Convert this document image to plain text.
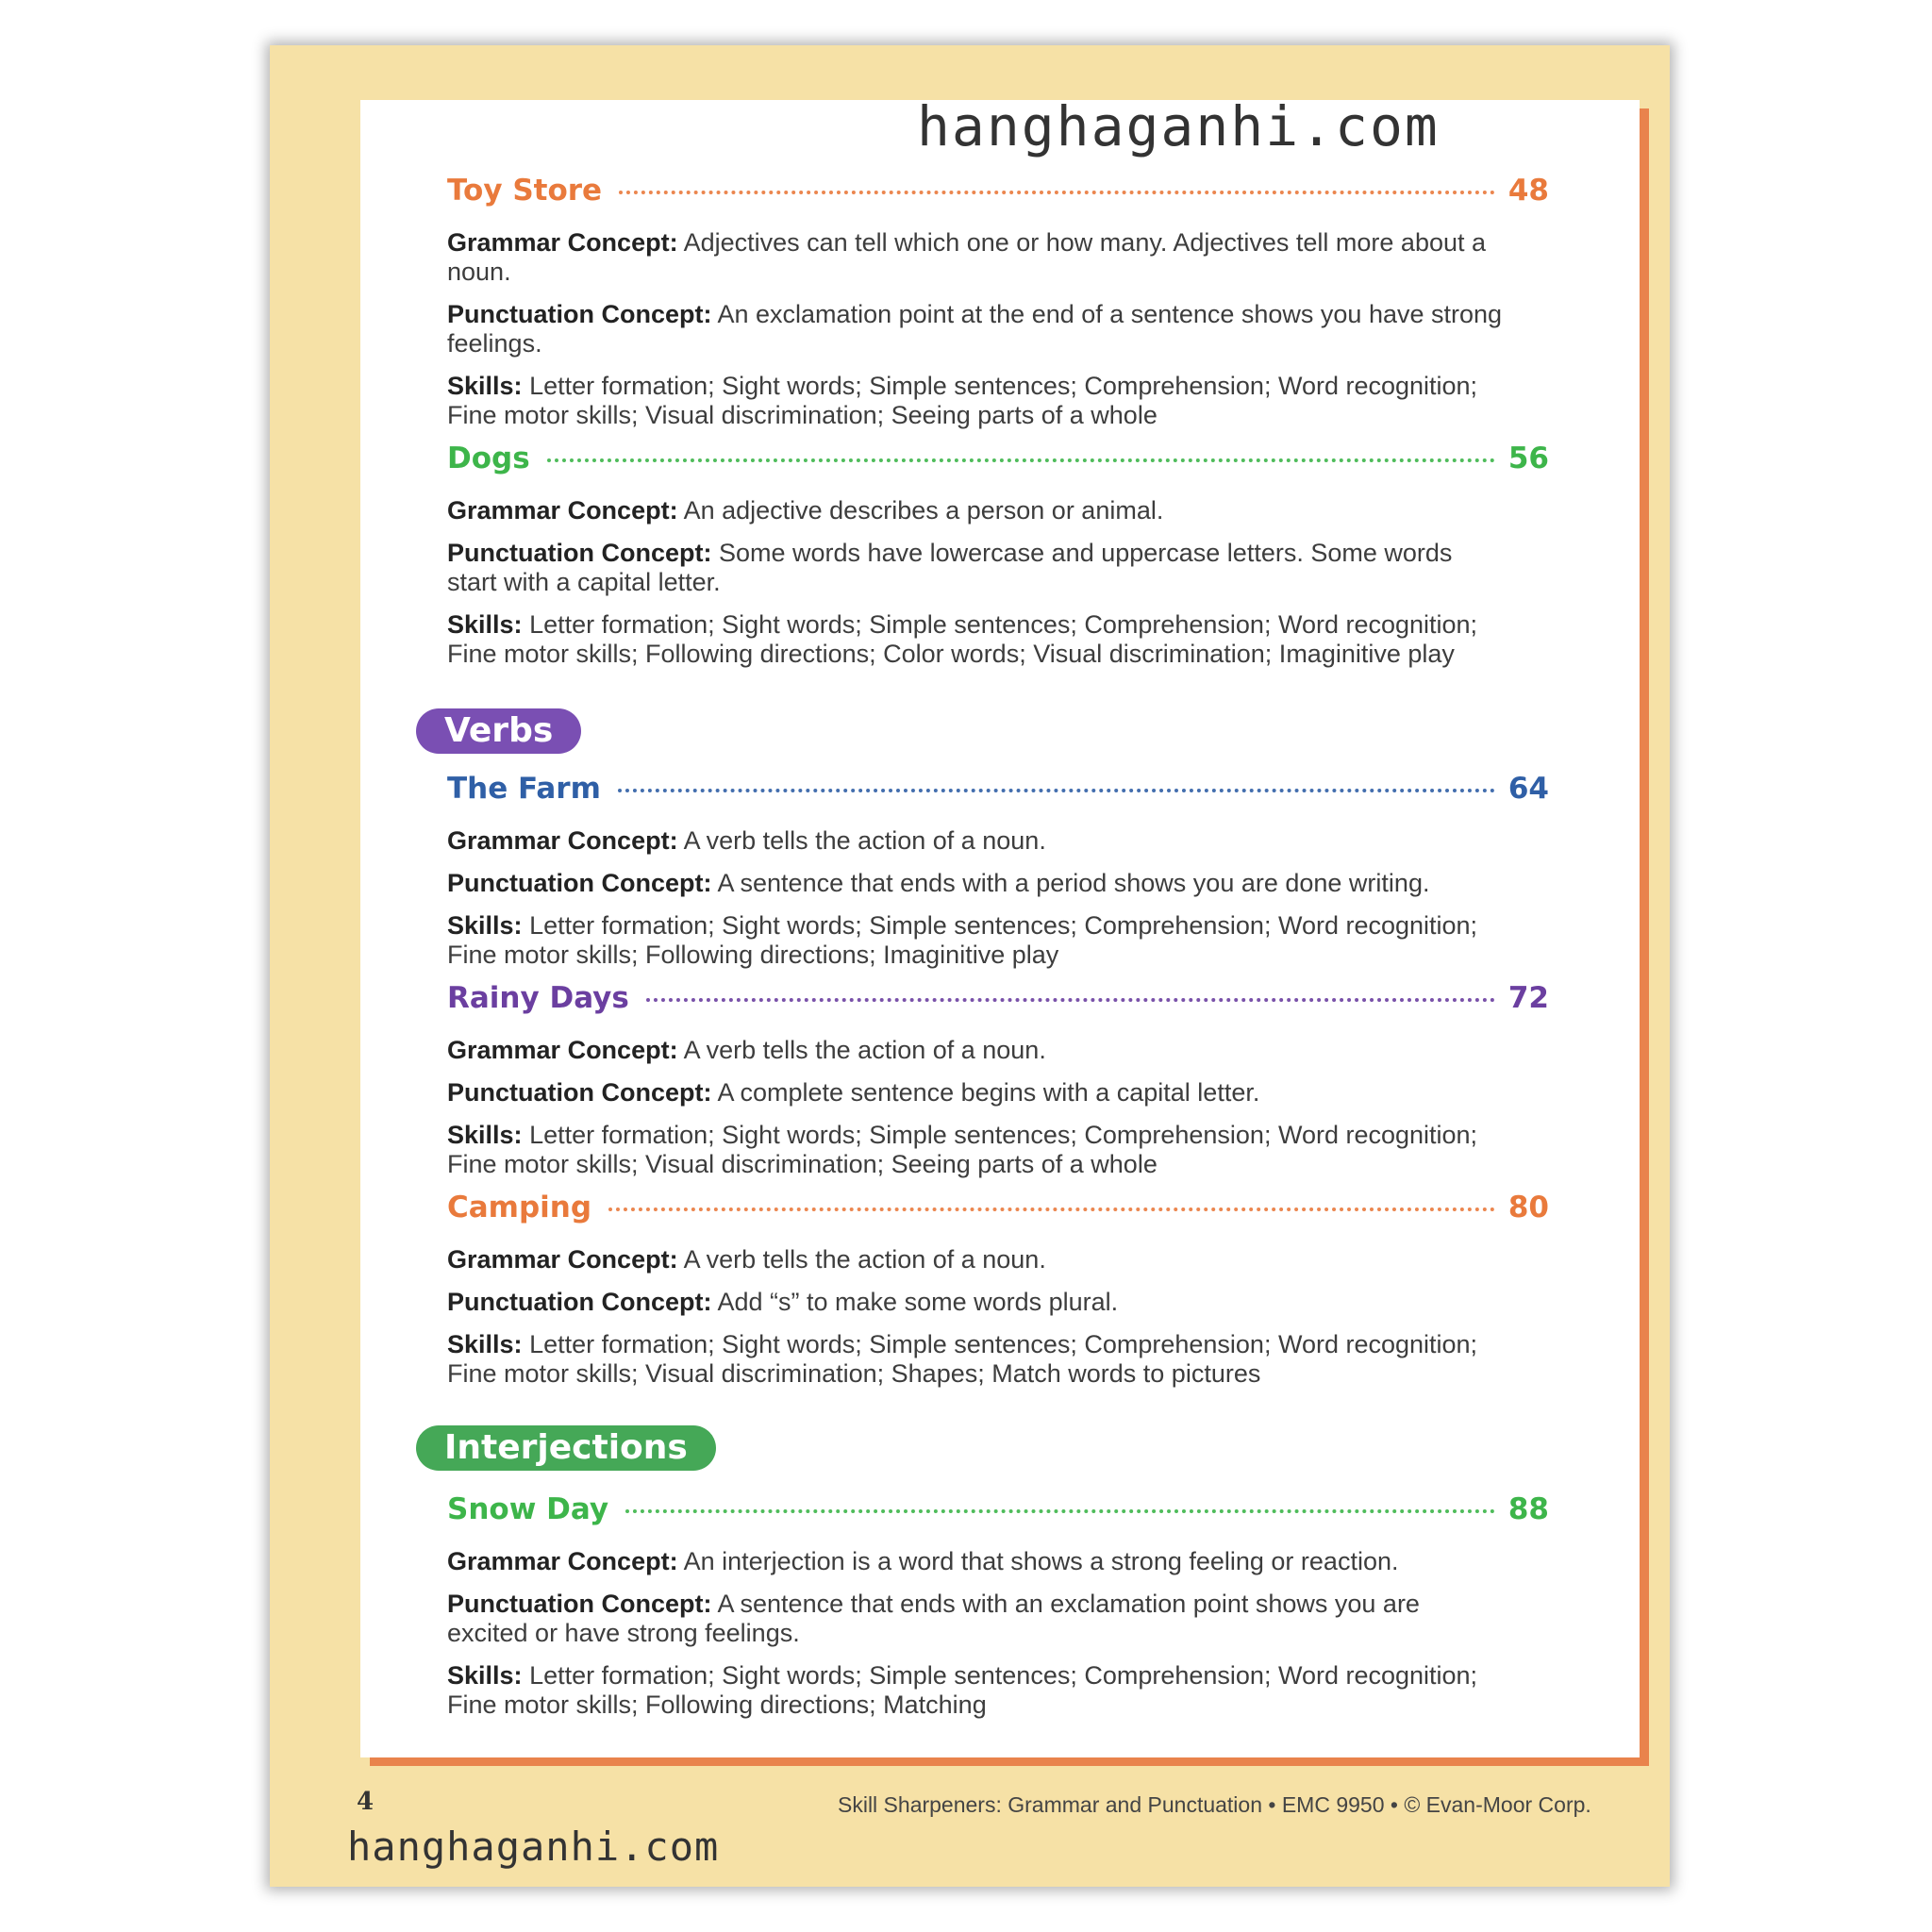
hanghaganhi.com
Toy Store	48

Grammar Concept: Adjectives can tell which one or how many. Adjectives tell more about a noun.

Punctuation Concept: An exclamation point at the end of a sentence shows you have strong feelings.

Skills: Letter formation; Sight words; Simple sentences; Comprehension; Word recognition; Fine motor skills; Visual discrimination; Seeing parts of a whole

Dogs	56

Grammar Concept: An adjective describes a person or animal.

Punctuation Concept: Some words have lowercase and uppercase letters. Some words start with a capital letter.

Skills: Letter formation; Sight words; Simple sentences; Comprehension; Word recognition; Fine motor skills; Following directions; Color words; Visual discrimination; Imaginitive play

Verbs
The Farm	64

Grammar Concept: A verb tells the action of a noun.

Punctuation Concept: A sentence that ends with a period shows you are done writing.

Skills: Letter formation; Sight words; Simple sentences; Comprehension; Word recognition; Fine motor skills; Following directions; Imaginitive play

Rainy Days	72

Grammar Concept: A verb tells the action of a noun.

Punctuation Concept: A complete sentence begins with a capital letter.

Skills: Letter formation; Sight words; Simple sentences; Comprehension; Word recognition; Fine motor skills; Visual discrimination; Seeing parts of a whole

Camping	80

Grammar Concept: A verb tells the action of a noun.

Punctuation Concept: Add “s” to make some words plural.

Skills: Letter formation; Sight words; Simple sentences; Comprehension; Word recognition; Fine motor skills; Visual discrimination; Shapes; Match words to pictures

Interjections
Snow Day	88

Grammar Concept: An interjection is a word that shows a strong feeling or reaction.

Punctuation Concept: A sentence that ends with an exclamation point shows you are excited or have strong feelings.

Skills: Letter formation; Sight words; Simple sentences; Comprehension; Word recognition; Fine motor skills; Following directions; Matching

4	Skill Sharpeners: Grammar and Punctuation • EMC 9950 • © Evan-Moor Corp.
hanghaganhi.com
